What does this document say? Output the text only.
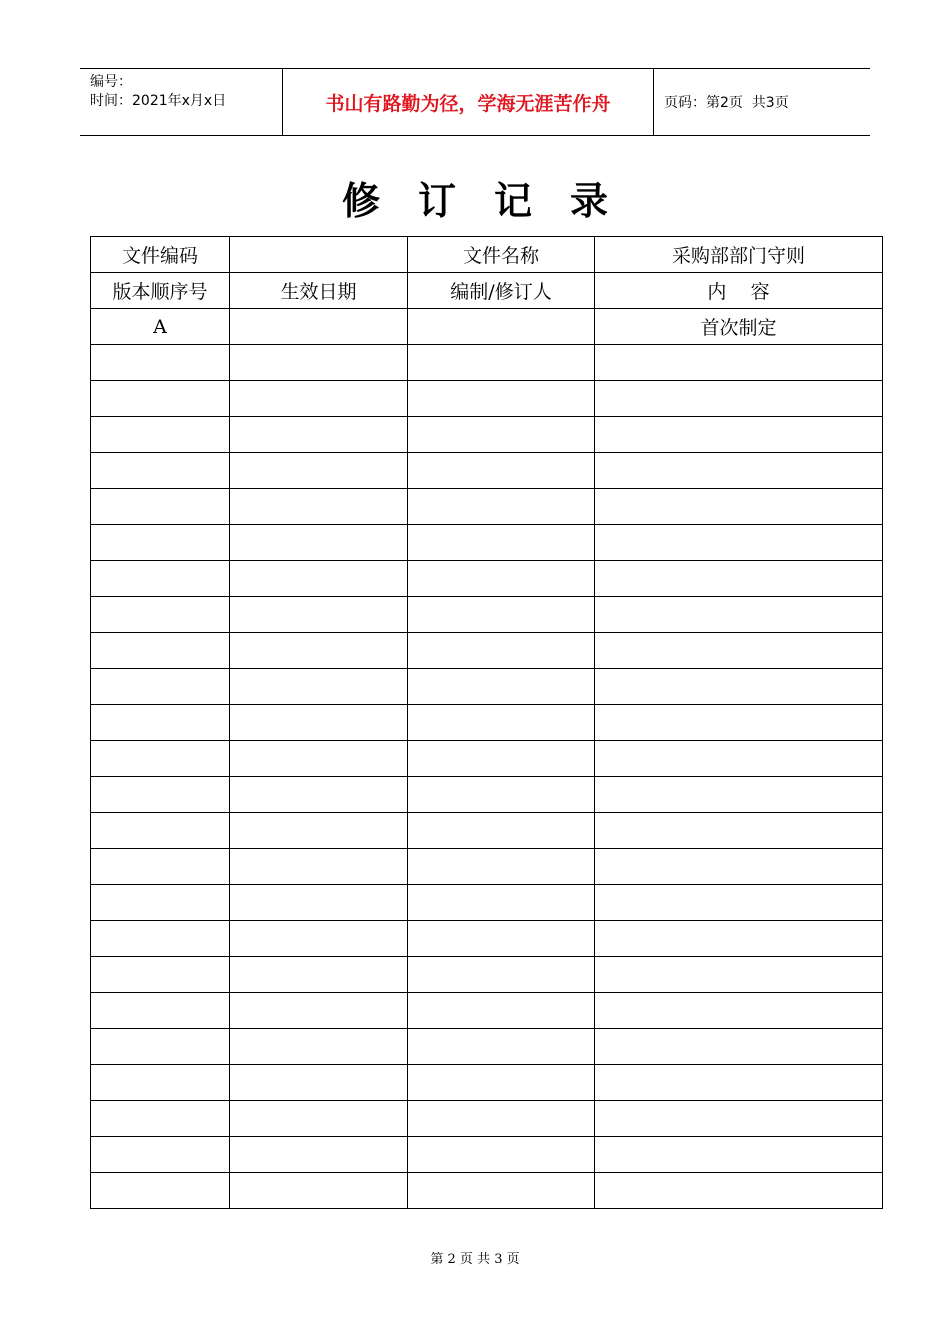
编号：
时间：2021年x月x日	书山有路勤为径，学海无涯苦作舟	页码：第2页  共3页
修订记录
文件编码		文件名称	采购部部门守则
版本顺序号	生效日期	编制/修订人	内    容
A			首次制定

第 2 页 共 3 页
